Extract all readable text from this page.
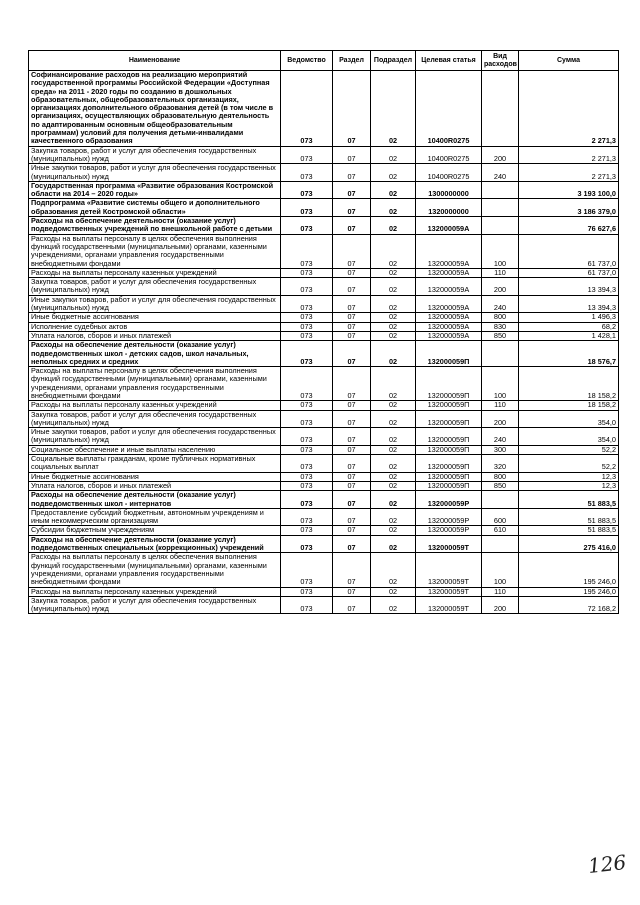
Наименование	Ведомство	Раздел	Подраздел	Целевая статья	Вид расходов	Сумма
Софинансирование расходов на реализацию мероприятий государственной программы Российской Федерации «Доступная среда» на 2011 - 2020 годы по созданию в дошкольных образовательных, общеобразовательных организациях, организациях дополнительного образования детей (в том числе в организациях, осуществляющих образовательную деятельность по адаптированным основным общеобразовательным программам) условий для получения детьми-инвалидами качественного образования	073	07	02	10400R0275		2 271,3
Закупка товаров, работ и услуг для обеспечения государственных (муниципальных) нужд	073	07	02	10400R0275	200	2 271,3
Иные закупки товаров, работ и услуг для обеспечения государственных (муниципальных) нужд	073	07	02	10400R0275	240	2 271,3
Государственная программа «Развитие образования Костромской области на 2014 – 2020 годы»	073	07	02	1300000000		3 193 100,0
Подпрограмма «Развитие системы общего и дополнительного образования детей Костромской области»	073	07	02	1320000000		3 186 379,0
Расходы на обеспечение деятельности (оказание услуг) подведомственных учреждений по внешкольной работе с детьми	073	07	02	132000059А		76 627,6
Расходы на выплаты персоналу в целях обеспечения выполнения функций государственными (муниципальными) органами, казенными учреждениями, органами управления государственными внебюджетными фондами	073	07	02	132000059А	100	61 737,0
Расходы на выплаты персоналу казенных учреждений	073	07	02	132000059А	110	61 737,0
Закупка товаров, работ и услуг для обеспечения государственных (муниципальных) нужд	073	07	02	132000059А	200	13 394,3
Иные закупки товаров, работ и услуг для обеспечения государственных (муниципальных) нужд	073	07	02	132000059А	240	13 394,3
Иные бюджетные ассигнования	073	07	02	132000059А	800	1 496,3
Исполнение судебных актов	073	07	02	132000059А	830	68,2
Уплата налогов, сборов и иных платежей	073	07	02	132000059А	850	1 428,1
Расходы на обеспечение деятельности (оказание услуг) подведомственных школ - детских садов, школ начальных, неполных средних и средних	073	07	02	132000059П		18 576,7
Расходы на выплаты персоналу в целях обеспечения выполнения функций государственными (муниципальными) органами, казенными учреждениями, органами управления государственными внебюджетными фондами	073	07	02	132000059П	100	18 158,2
Расходы на выплаты персоналу казенных учреждений	073	07	02	132000059П	110	18 158,2
Закупка товаров, работ и услуг для обеспечения государственных (муниципальных) нужд	073	07	02	132000059П	200	354,0
Иные закупки товаров, работ и услуг для обеспечения государственных (муниципальных) нужд	073	07	02	132000059П	240	354,0
Социальное обеспечение и иные выплаты населению	073	07	02	132000059П	300	52,2
Социальные выплаты гражданам, кроме публичных нормативных социальных выплат	073	07	02	132000059П	320	52,2
Иные бюджетные ассигнования	073	07	02	132000059П	800	12,3
Уплата налогов, сборов и иных платежей	073	07	02	132000059П	850	12,3
Расходы на обеспечение деятельности (оказание услуг) подведомственных школ - интернатов	073	07	02	132000059Р		51 883,5
Предоставление субсидий бюджетным, автономным учреждениям и иным некоммерческим организациям	073	07	02	132000059Р	600	51 883,5
Субсидии бюджетным учреждениям	073	07	02	132000059Р	610	51 883,5
Расходы на обеспечение деятельности (оказание услуг) подведомственных специальных (коррекционных) учреждений	073	07	02	132000059Т		275 416,0
Расходы на выплаты персоналу в целях обеспечения выполнения функций государственными (муниципальными) органами, казенными учреждениями, органами управления государственными внебюджетными фондами	073	07	02	132000059Т	100	195 246,0
Расходы на выплаты персоналу казенных учреждений	073	07	02	132000059Т	110	195 246,0
Закупка товаров, работ и услуг для обеспечения государственных (муниципальных) нужд	073	07	02	132000059Т	200	72 168,2
126
